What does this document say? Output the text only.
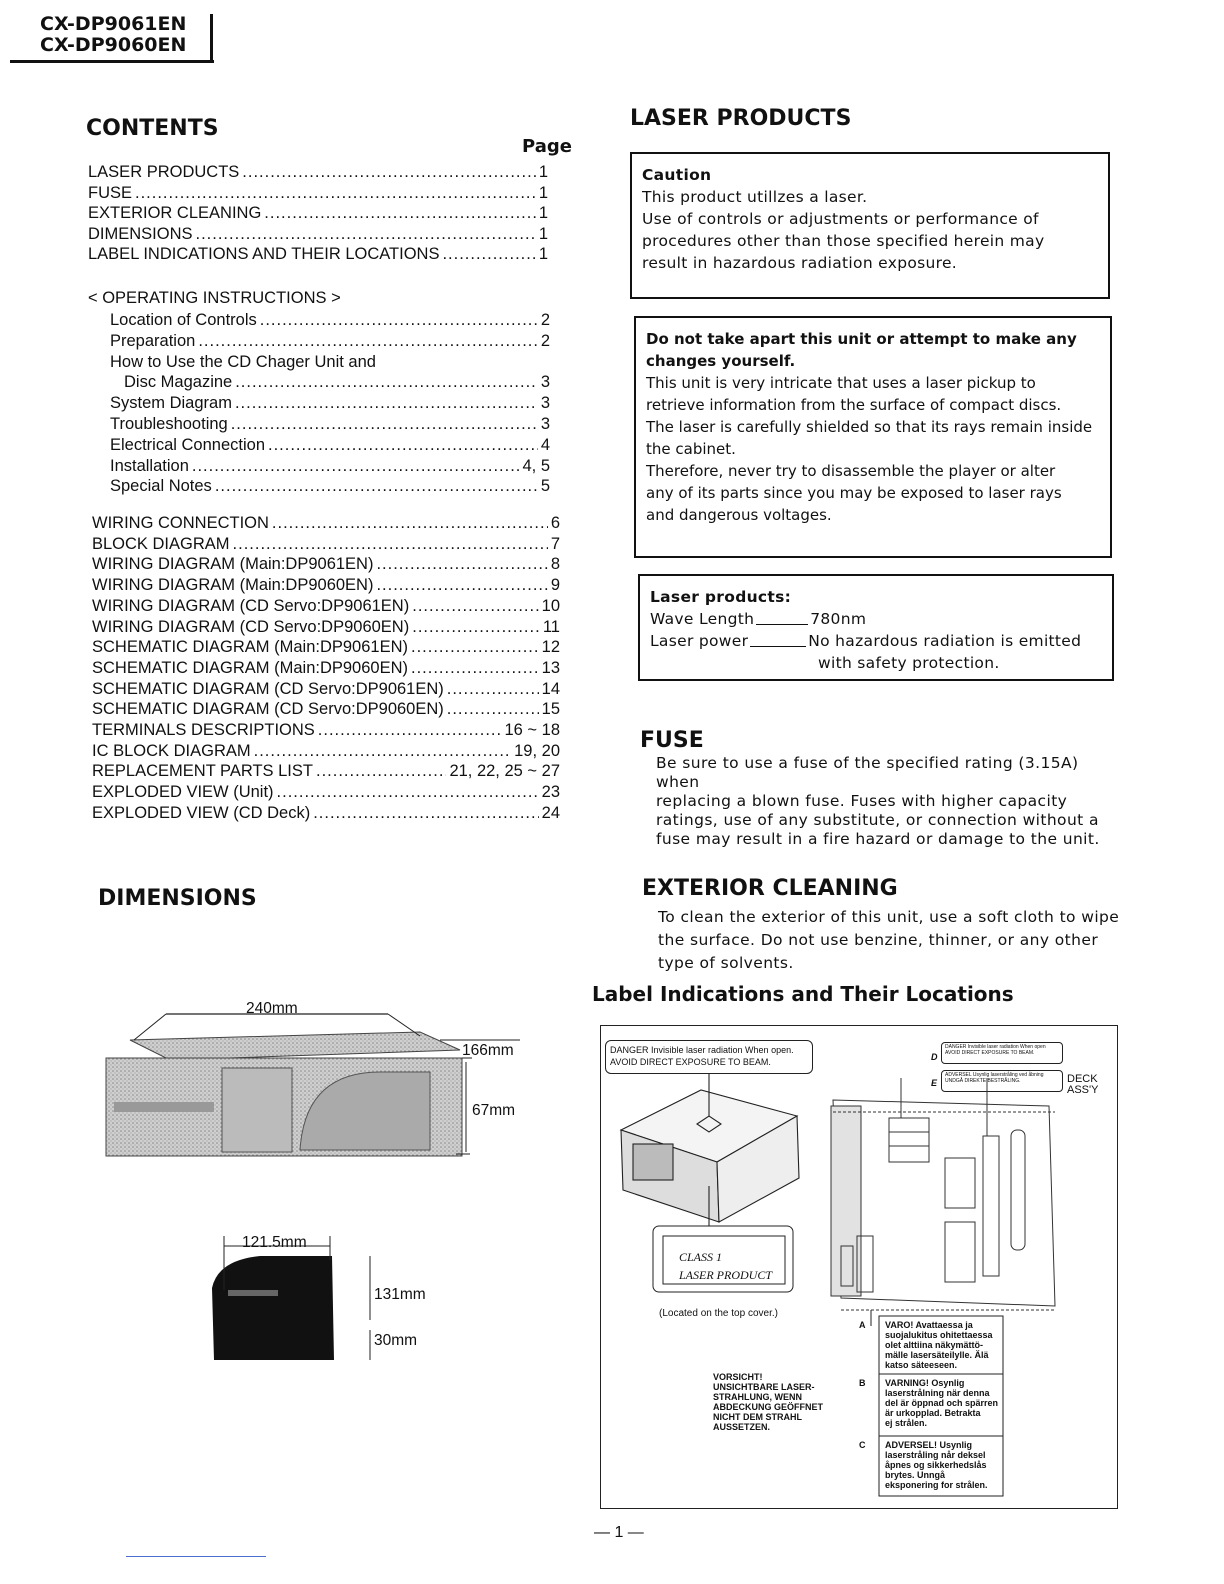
CX-DP9061EN
CX-DP9060EN
CONTENTS
Page
LASER PRODUCTS .....	1
FUSE .....	1
EXTERIOR CLEANING .....	1
DIMENSIONS .....	1
LABEL INDICATIONS AND THEIR LOCATIONS .....	1
< OPERATING INSTRUCTIONS >
Location of Controls .....	2
Preparation .....	2
How to Use the CD Chager Unit and
Disc Magazine .....	3
System Diagram .....	3
Troubleshooting .....	3
Electrical Connection .....	4
Installation .....	4, 5
Special Notes .....	5
WIRING CONNECTION .....	6
BLOCK DIAGRAM .....	7
WIRING DIAGRAM (Main:DP9061EN) .....	8
WIRING DIAGRAM (Main:DP9060EN) .....	9
WIRING DIAGRAM (CD Servo:DP9061EN) .....	10
WIRING DIAGRAM (CD Servo:DP9060EN) .....	11
SCHEMATIC DIAGRAM (Main:DP9061EN) .....	12
SCHEMATIC DIAGRAM (Main:DP9060EN) .....	13
SCHEMATIC DIAGRAM (CD Servo:DP9061EN) .....	14
SCHEMATIC DIAGRAM (CD Servo:DP9060EN) .....	15
TERMINALS DESCRIPTIONS .....	16 ~ 18
IC BLOCK DIAGRAM .....	19, 20
REPLACEMENT PARTS LIST .....	21, 22, 25 ~ 27
EXPLODED VIEW (Unit) .....	23
EXPLODED VIEW (CD Deck) .....	24
DIMENSIONS
240mm
166mm
67mm
121.5mm
131mm
30mm
LASER PRODUCTS
Caution
This product utillzes a laser.
Use of controls or adjustments or performance of
procedures other than those specified herein may
result in hazardous radiation exposure.
Do not take apart this unit or attempt to make any
changes yourself.
This unit is very intricate that uses a laser pickup to
retrieve information from the surface of compact discs.
The laser is carefully shielded so that its rays remain inside
the cabinet.
Therefore, never try to disassemble the player or alter
any of its parts since you may be exposed to laser rays
and dangerous voltages.
Laser products:
Wave Length	780nm
Laser power	No hazardous radiation is emitted
with safety protection.
FUSE
Be sure to use a fuse of the specified rating (3.15A) when
replacing a blown fuse. Fuses with higher capacity
ratings, use of any substitute, or connection without a
fuse may result in a fire hazard or damage to the unit.
EXTERIOR CLEANING
To clean the exterior of this unit, use a soft cloth to wipe
the surface. Do not use benzine, thinner, or any other
type of solvents.
Label Indications and Their Locations
DANGER Invisible laser radiation When open.
AVOID DIRECT EXPOSURE TO BEAM.	D
DANGER Invisible laser radiation When open AVOID DIRECT EXPOSURE TO BEAM.
E
ADVERSEL Usynlig laserstråling ved åbning UNDGÅ DIREKTE BESTRÅLING.	DECK
ASS'Y
CLASS 1
LASER PRODUCT
(Located on the top cover.)
VORSICHT!
UNSICHTBARE LASER-
STRAHLUNG, WENN
ABDECKUNG GEÖFFNET
NICHT DEM STRAHL
AUSSETZEN.
A
B
C
VARO! Avattaessa ja
suojalukitus ohitettaessa
olet alttiina näkymättö-
mälle lasersäteilylle. Älä
katso säteeseen.
VARNING! Osynlig
laserstrålning när denna
del är öppnad och spärren
är urkopplad. Betrakta
ej strålen.
ADVERSEL! Usynlig
laserstråling når deksel
åpnes og sikkerhedslås
brytes. Unngå
eksponering for strålen.
— 1 —
